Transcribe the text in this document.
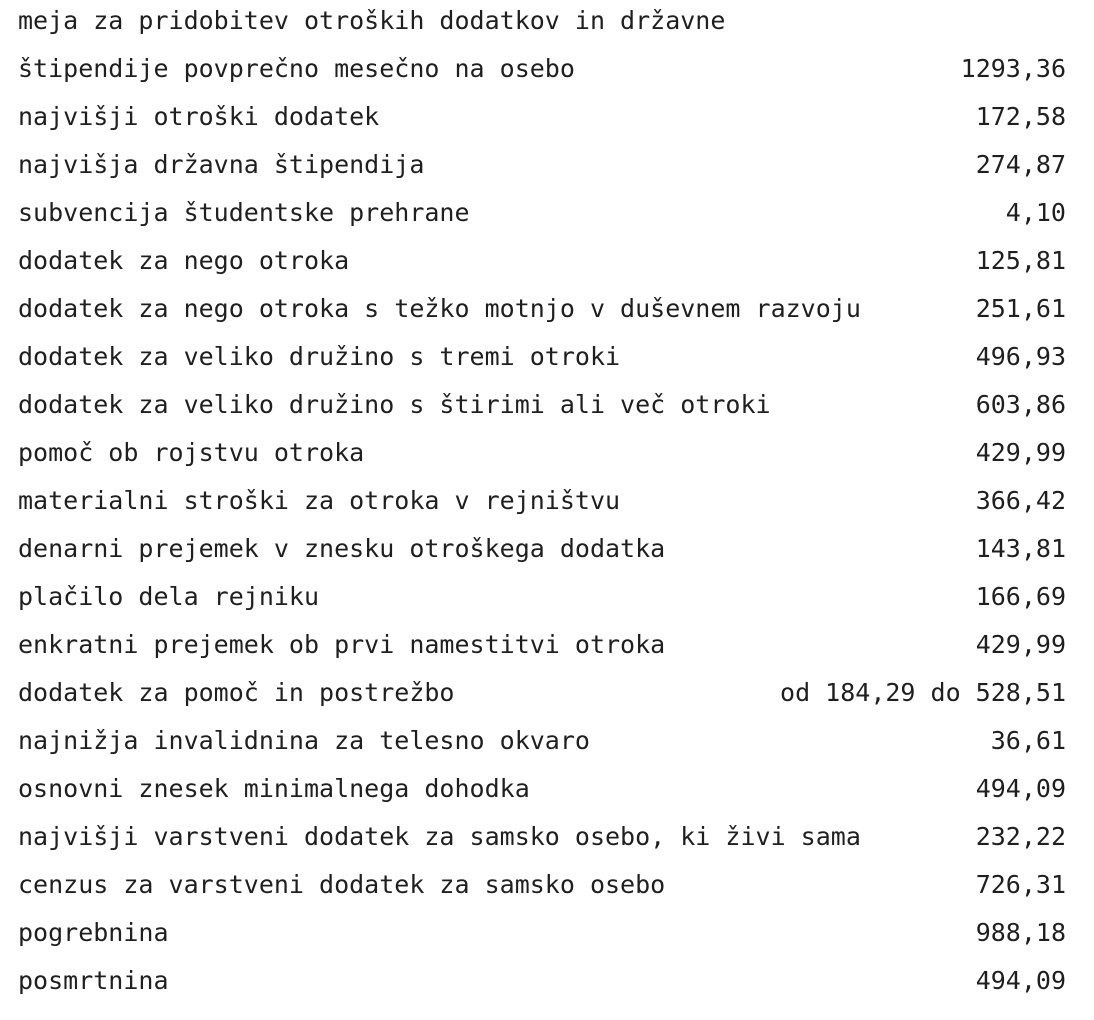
meja za pridobitev otroških dodatkov in državne
štipendije povprečno mesečno na osebo	1293,36
najvišji otroški dodatek	172,58
najvišja državna štipendija	274,87
subvencija študentske prehrane	4,10
dodatek za nego otroka	125,81
dodatek za nego otroka s težko motnjo v duševnem razvoju	251,61
dodatek za veliko družino s tremi otroki	496,93
dodatek za veliko družino s štirimi ali več otroki	603,86
pomoč ob rojstvu otroka	429,99
materialni stroški za otroka v rejništvu	366,42
denarni prejemek v znesku otroškega dodatka	143,81
plačilo dela rejniku	166,69
enkratni prejemek ob prvi namestitvi otroka	429,99
dodatek za pomoč in postrežbo	od 184,29 do 528,51
najnižja invalidnina za telesno okvaro	36,61
osnovni znesek minimalnega dohodka	494,09
najvišji varstveni dodatek za samsko osebo, ki živi sama	232,22
cenzus za varstveni dodatek za samsko osebo	726,31
pogrebnina	988,18
posmrtnina	494,09
